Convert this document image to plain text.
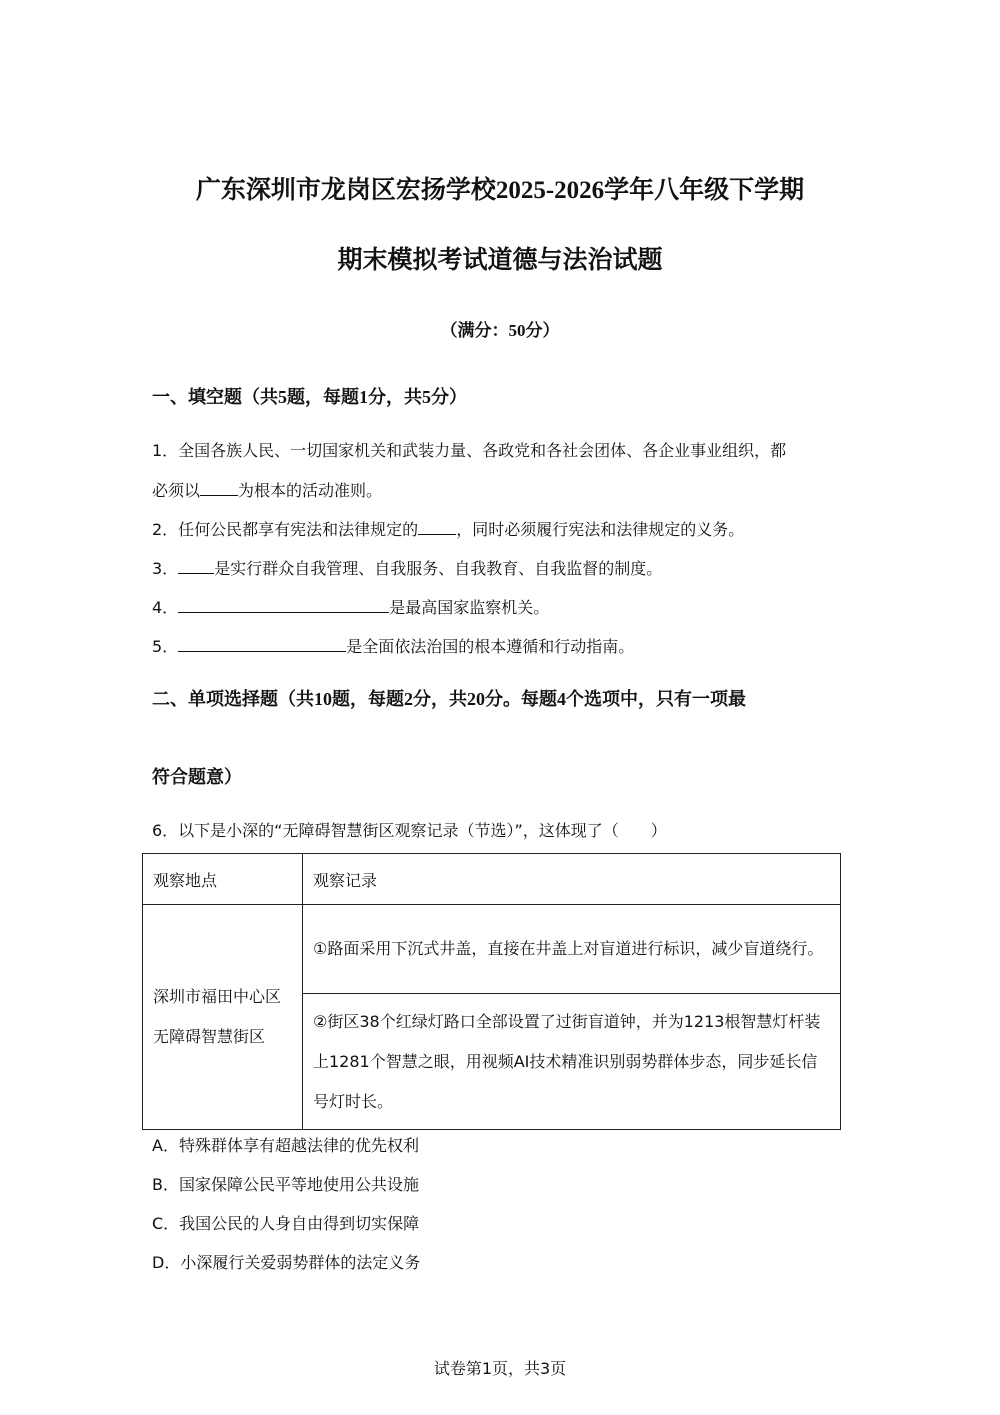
广东深圳市龙岗区宏扬学校2025-2026学年八年级下学期
期末模拟考试道德与法治试题
（满分：50分）
一、填空题（共5题，每题1分，共5分）
1．全国各族人民、一切国家机关和武装力量、各政党和各社会团体、各企业事业组织，都
必须以 为根本的活动准则。
2．任何公民都享有宪法和法律规定的 ，同时必须履行宪法和法律规定的义务。
3． 是实行群众自我管理、自我服务、自我教育、自我监督的制度。
4．	是最高国家监察机关。
5．	是全面依法治国的根本遵循和行动指南。
二、单项选择题（共10题，每题2分，共20分。每题4个选项中，只有一项最
符合题意）
6．以下是小深的“无障碍智慧街区观察记录（节选）”，这体现了（　　）
观察地点	观察记录
深圳市福田中心区无障碍智慧街区	①路面采用下沉式井盖，直接在井盖上对盲道进行标识，减少盲道绕行。
	②街区38个红绿灯路口全部设置了过街盲道钟，并为1213根智慧灯杆装上1281个智慧之眼，用视频AI技术精准识别弱势群体步态，同步延长信号灯时长。
A．特殊群体享有超越法律的优先权利
B．国家保障公民平等地使用公共设施
C．我国公民的人身自由得到切实保障
D．小深履行关爱弱势群体的法定义务
试卷第1页，共3页
